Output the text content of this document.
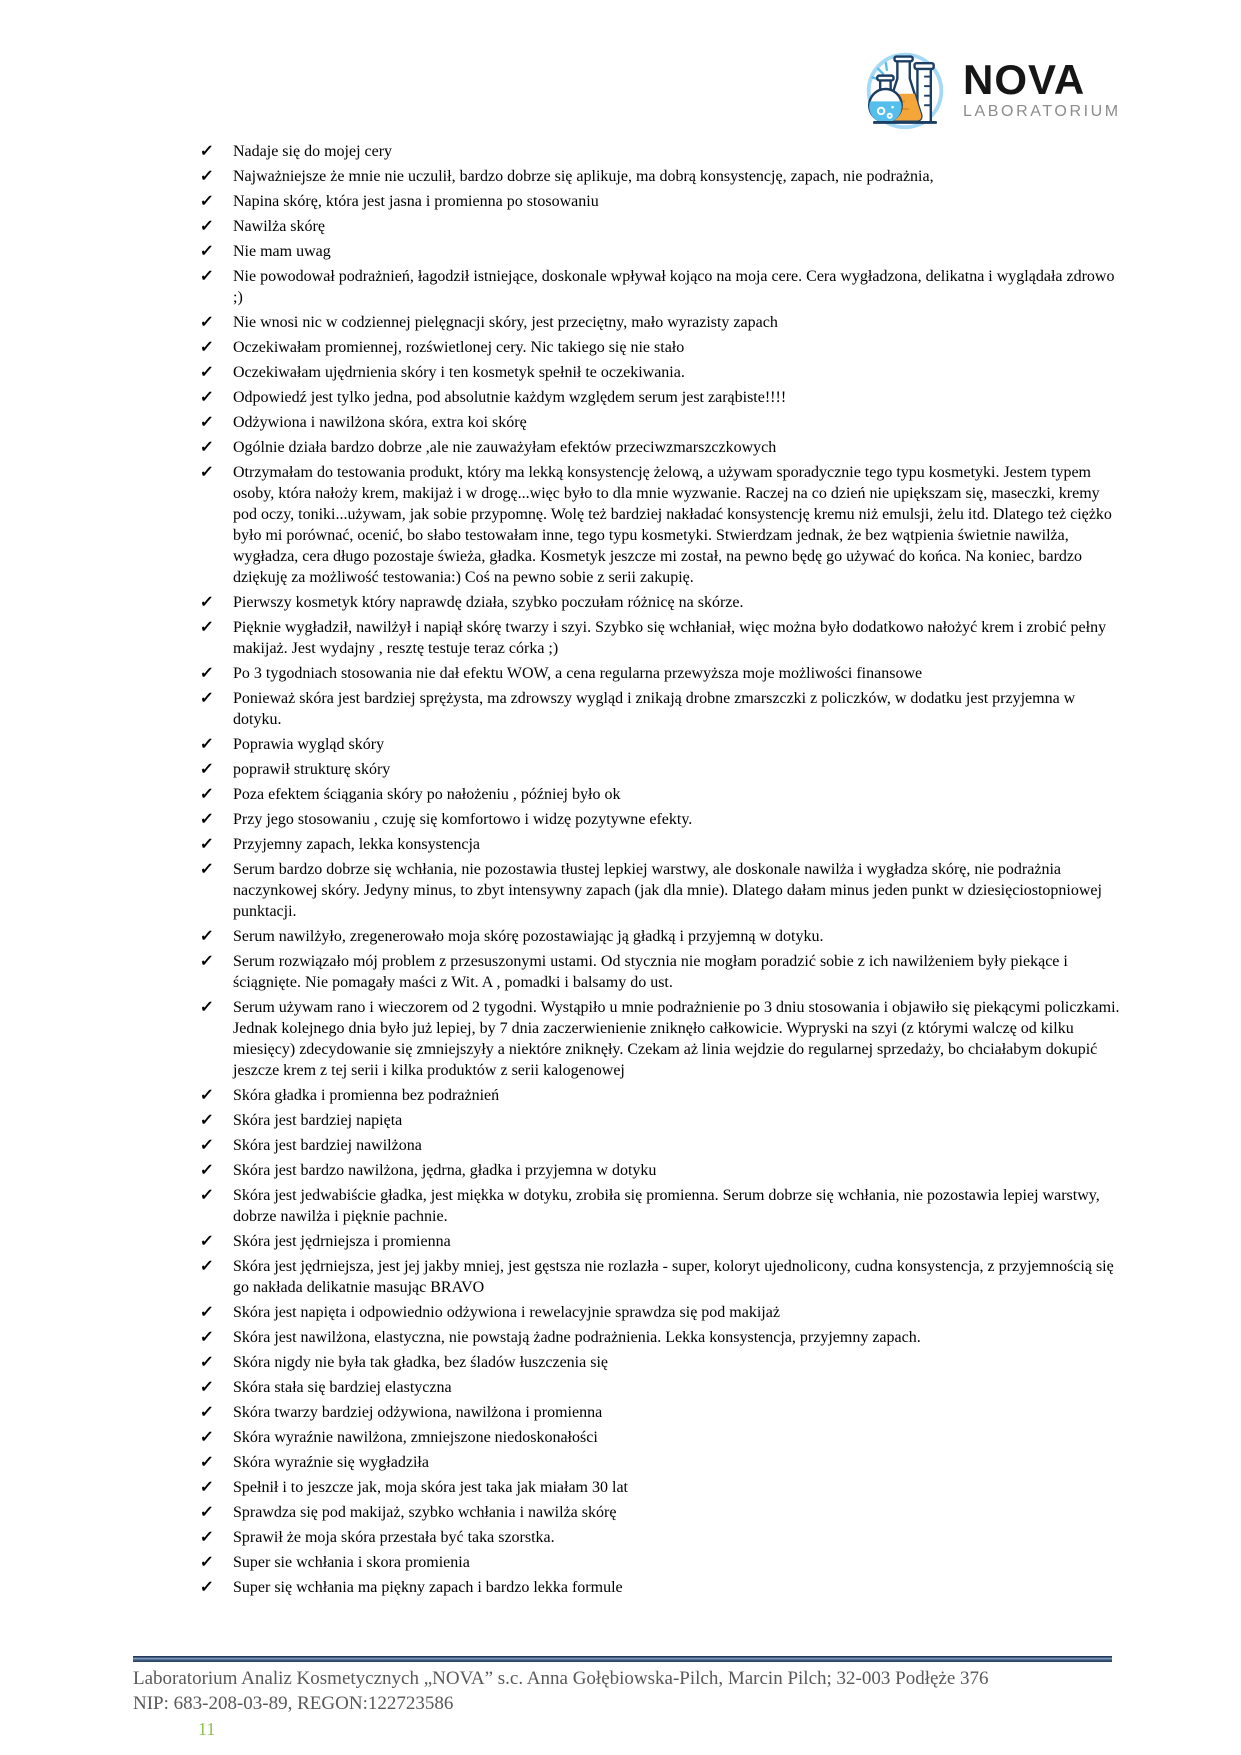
NOVA
LABORATORIUM
✓	Nadaje się do mojej cery
✓	Najważniejsze że mnie nie uczulił, bardzo dobrze się aplikuje, ma dobrą konsystencję, zapach, nie podrażnia,
✓	Napina skórę, która jest jasna i promienna po stosowaniu
✓	Nawilża skórę
✓	Nie mam uwag
✓	Nie powodował podrażnień, łagodził istniejące, doskonale wpływał kojąco na moja cere. Cera wygładzona, delikatna i wyglądała zdrowo ;)
✓	Nie wnosi nic w codziennej pielęgnacji skóry, jest przeciętny, mało wyrazisty zapach
✓	Oczekiwałam promiennej, rozświetlonej cery. Nic takiego się nie stało
✓	Oczekiwałam ujędrnienia skóry i ten kosmetyk spełnił te oczekiwania.
✓	Odpowiedź jest tylko jedna, pod absolutnie każdym względem serum jest zarąbiste!!!!
✓	Odżywiona i nawilżona skóra, extra koi skórę
✓	Ogólnie działa bardzo dobrze ,ale nie zauważyłam efektów przeciwzmarszczkowych
✓	Otrzymałam do testowania produkt, który ma lekką konsystencję żelową, a używam sporadycznie tego typu kosmetyki. Jestem typem osoby, która nałoży krem, makijaż i w drogę...więc było to dla mnie wyzwanie. Raczej na co dzień nie upiększam się, maseczki, kremy pod oczy, toniki...używam, jak sobie przypomnę. Wolę też bardziej nakładać konsystencję kremu niż emulsji, żelu itd. Dlatego też ciężko było mi porównać, ocenić, bo słabo testowałam inne, tego typu kosmetyki. Stwierdzam jednak, że bez wątpienia świetnie nawilża, wygładza, cera długo pozostaje świeża, gładka. Kosmetyk jeszcze mi został, na pewno będę go używać do końca. Na koniec, bardzo dziękuję za możliwość testowania:) Coś na pewno sobie z serii zakupię.
✓	Pierwszy kosmetyk który naprawdę działa, szybko poczułam różnicę na skórze.
✓	Pięknie wygładził, nawilżył i napiął skórę twarzy i szyi. Szybko się wchłaniał, więc można było dodatkowo nałożyć krem i zrobić pełny makijaż. Jest wydajny , resztę testuje teraz córka ;)
✓	Po 3 tygodniach stosowania nie dał efektu WOW, a cena regularna przewyższa moje możliwości finansowe
✓	Ponieważ skóra jest bardziej sprężysta, ma zdrowszy wygląd i znikają drobne zmarszczki z policzków, w dodatku jest przyjemna w dotyku.
✓	Poprawia wygląd skóry
✓	poprawił strukturę skóry
✓	Poza efektem ściągania skóry po nałożeniu , później było ok
✓	Przy jego stosowaniu , czuję się komfortowo i widzę pozytywne efekty.
✓	Przyjemny zapach, lekka konsystencja
✓	Serum bardzo dobrze się wchłania, nie pozostawia tłustej lepkiej warstwy, ale doskonale nawilża i wygładza skórę, nie podrażnia naczynkowej skóry. Jedyny minus, to zbyt intensywny zapach (jak dla mnie). Dlatego dałam minus jeden punkt w dziesięciostopniowej punktacji.
✓	Serum nawilżyło, zregenerowało moja skórę pozostawiając ją gładką i przyjemną w dotyku.
✓	Serum rozwiązało mój problem z przesuszonymi ustami. Od stycznia nie mogłam poradzić sobie z ich nawilżeniem były piekące i ściągnięte. Nie pomagały maści z Wit. A , pomadki i balsamy do ust.
✓	Serum używam rano i wieczorem od 2 tygodni. Wystąpiło u mnie podrażnienie po 3 dniu stosowania i objawiło się piekącymi policzkami. Jednak kolejnego dnia było już lepiej, by 7 dnia zaczerwienienie zniknęło całkowicie. Wypryski na szyi (z którymi walczę od kilku miesięcy) zdecydowanie się zmniejszyły a niektóre zniknęły. Czekam aż linia wejdzie do regularnej sprzedaży, bo chciałabym dokupić jeszcze krem z tej serii i kilka produktów z serii kalogenowej
✓	Skóra gładka i promienna bez podrażnień
✓	Skóra jest bardziej napięta
✓	Skóra jest bardziej nawilżona
✓	Skóra jest bardzo nawilżona, jędrna, gładka i przyjemna w dotyku
✓	Skóra jest jedwabiście gładka, jest miękka w dotyku, zrobiła się promienna. Serum dobrze się wchłania, nie pozostawia lepiej warstwy, dobrze nawilża i pięknie pachnie.
✓	Skóra jest jędrniejsza i promienna
✓	Skóra jest jędrniejsza, jest jej jakby mniej, jest gęstsza nie rozlazła - super, koloryt ujednolicony, cudna konsystencja, z przyjemnością się go nakłada delikatnie masując BRAVO
✓	Skóra jest napięta i odpowiednio odżywiona i rewelacyjnie sprawdza się pod makijaż
✓	Skóra jest nawilżona, elastyczna, nie powstają żadne podrażnienia. Lekka konsystencja, przyjemny zapach.
✓	Skóra nigdy nie była tak gładka, bez śladów łuszczenia się
✓	Skóra stała się bardziej elastyczna
✓	Skóra twarzy bardziej odżywiona, nawilżona i promienna
✓	Skóra wyraźnie nawilżona, zmniejszone niedoskonałości
✓	Skóra wyraźnie się wygładziła
✓	Spełnił i to jeszcze jak, moja skóra jest taka jak miałam 30 lat
✓	Sprawdza się pod makijaż, szybko wchłania i nawilża skórę
✓	Sprawił że moja skóra przestała być taka szorstka.
✓	Super sie wchłania i skora promienia
✓	Super się wchłania ma piękny zapach i bardzo lekka formule
Laboratorium Analiz Kosmetycznych „NOVA” s.c. Anna Gołębiowska-Pilch, Marcin Pilch; 32-003 Podłęże 376
NIP: 683-208-03-89, REGON:122723586
11
